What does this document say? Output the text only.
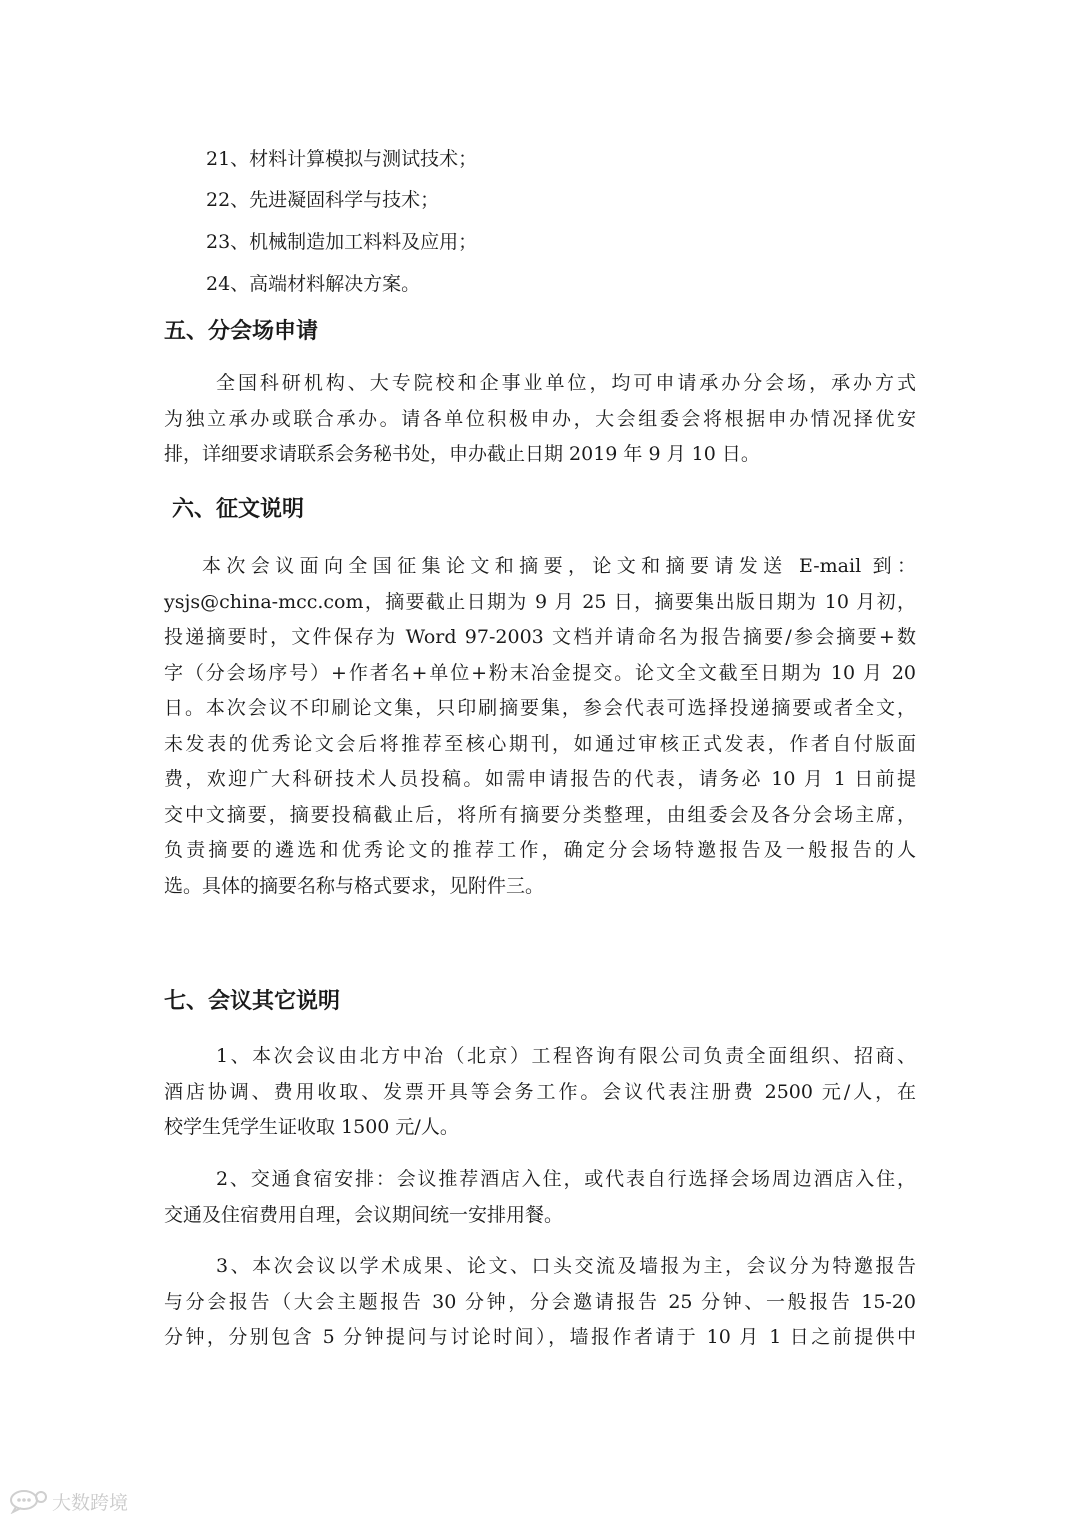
21、材料计算模拟与测试技术；
22、先进凝固科学与技术；
23、机械制造加工料料及应用；
24、高端材料解决方案。
五、分会场申请
全国科研机构、大专院校和企事业单位，均可申请承办分会场，承办方式
为独立承办或联合承办。请各单位积极申办，大会组委会将根据申办情况择优安
排，详细要求请联系会务秘书处，申办截止日期 2019 年 9 月 10 日。
六、征文说明
本次会议面向全国征集论文和摘要，论文和摘要请发送 E-mail 到：
ysjs@china-mcc.com，摘要截止日期为 9 月 25 日，摘要集出版日期为 10 月初，
投递摘要时，文件保存为 Word 97-2003 文档并请命名为报告摘要/参会摘要+数
字（分会场序号）+作者名+单位+粉末冶金提交。论文全文截至日期为 10 月 20
日。本次会议不印刷论文集，只印刷摘要集，参会代表可选择投递摘要或者全文，
未发表的优秀论文会后将推荐至核心期刊，如通过审核正式发表，作者自付版面
费，欢迎广大科研技术人员投稿。如需申请报告的代表，请务必 10 月 1 日前提
交中文摘要，摘要投稿截止后，将所有摘要分类整理，由组委会及各分会场主席，
负责摘要的遴选和优秀论文的推荐工作，确定分会场特邀报告及一般报告的人
选。具体的摘要名称与格式要求，见附件三。
七、会议其它说明
1、本次会议由北方中冶（北京）工程咨询有限公司负责全面组织、招商、
酒店协调、费用收取、发票开具等会务工作。会议代表注册费 2500 元/人，在
校学生凭学生证收取 1500 元/人。
2、交通食宿安排：会议推荐酒店入住，或代表自行选择会场周边酒店入住，
交通及住宿费用自理，会议期间统一安排用餐。
3、本次会议以学术成果、论文、口头交流及墙报为主，会议分为特邀报告
与分会报告（大会主题报告 30 分钟，分会邀请报告 25 分钟、一般报告 15-20
分钟，分别包含 5 分钟提问与讨论时间），墙报作者请于 10 月 1 日之前提供中
大数跨境
